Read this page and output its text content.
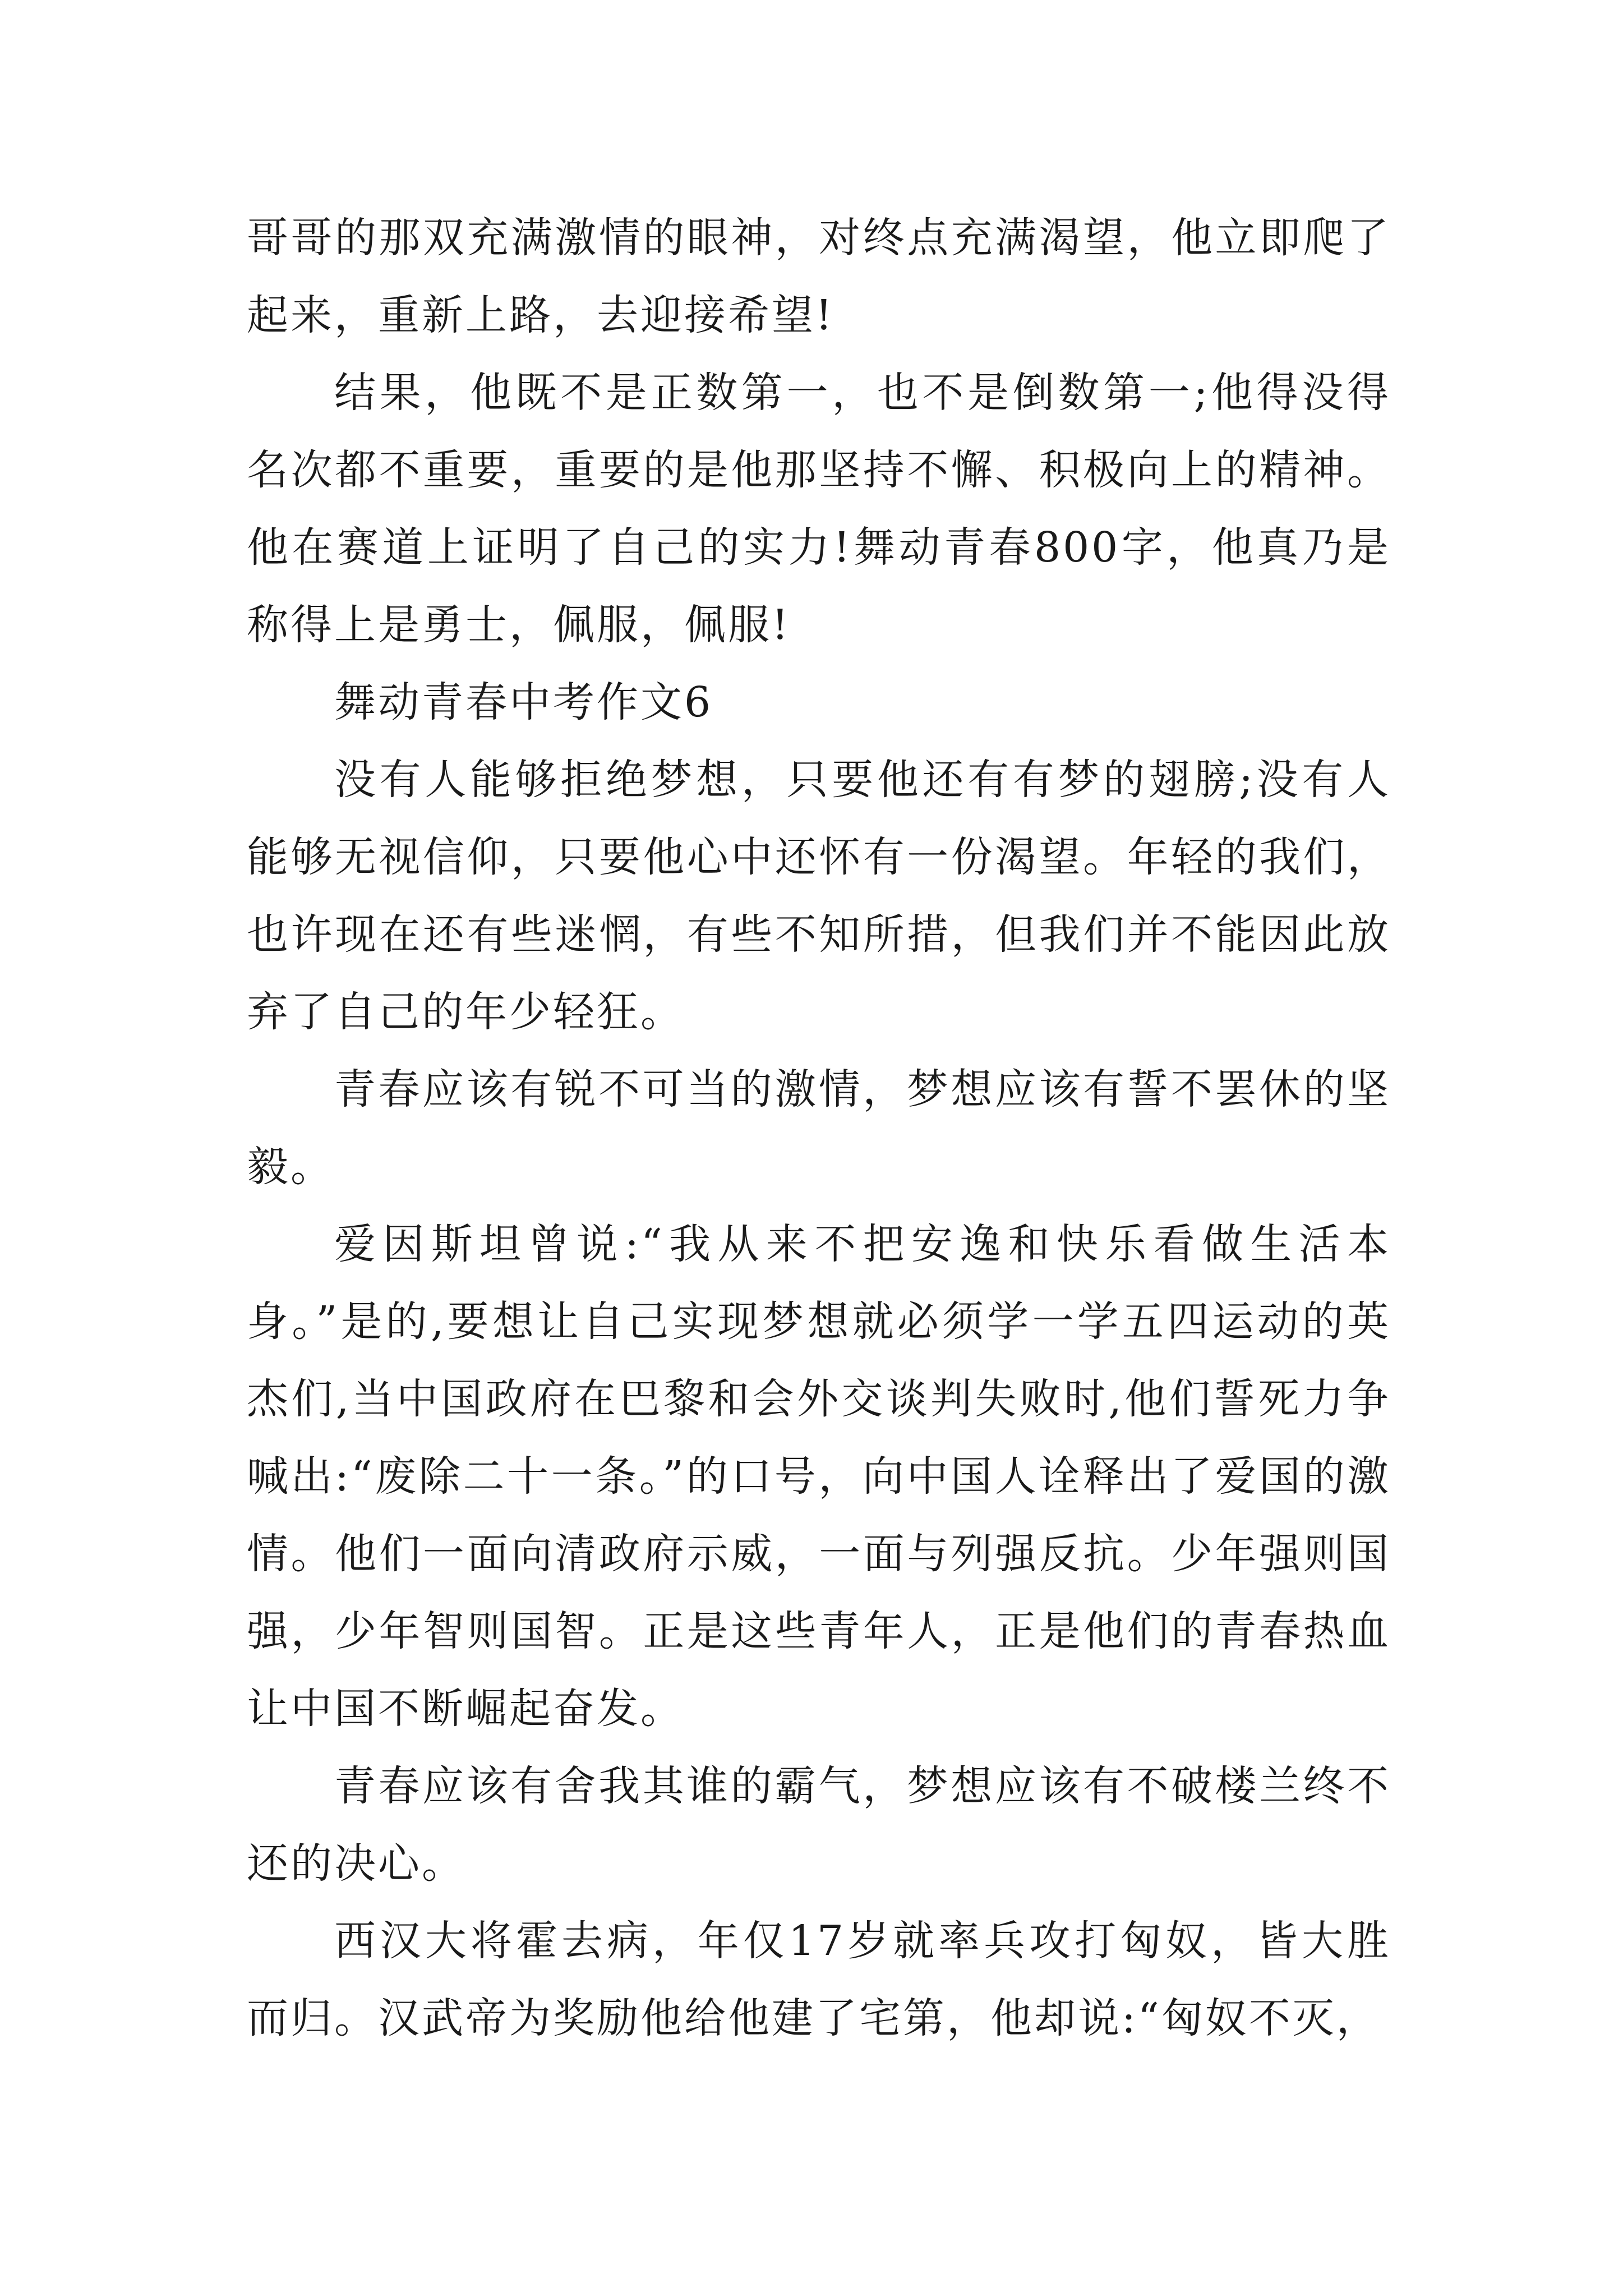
哥哥的那双充满激情的眼神，对终点充满渴望，他立即爬了起来，重新上路，去迎接希望!

结果，他既不是正数第一，也不是倒数第一;他得没得名次都不重要，重要的是他那坚持不懈、积极向上的精神。他在赛道上证明了自己的实力!舞动青春800字，他真乃是称得上是勇士，佩服，佩服!

舞动青春中考作文6

没有人能够拒绝梦想，只要他还有有梦的翅膀;没有人能够无视信仰，只要他心中还怀有一份渴望。年轻的我们，也许现在还有些迷惘，有些不知所措，但我们并不能因此放弃了自己的年少轻狂。

青春应该有锐不可当的激情，梦想应该有誓不罢休的坚毅。

爱因斯坦曾说:“我从来不把安逸和快乐看做生活本身。”是的,要想让自己实现梦想就必须学一学五四运动的英杰们,当中国政府在巴黎和会外交谈判失败时,他们誓死力争喊出:“废除二十一条。”的口号，向中国人诠释出了爱国的激情。他们一面向清政府示威，一面与列强反抗。少年强则国强，少年智则国智。正是这些青年人，正是他们的青春热血让中国不断崛起奋发。

青春应该有舍我其谁的霸气，梦想应该有不破楼兰终不还的决心。

西汉大将霍去病，年仅17岁就率兵攻打匈奴，皆大胜而归。汉武帝为奖励他给他建了宅第，他却说:“匈奴不灭，
